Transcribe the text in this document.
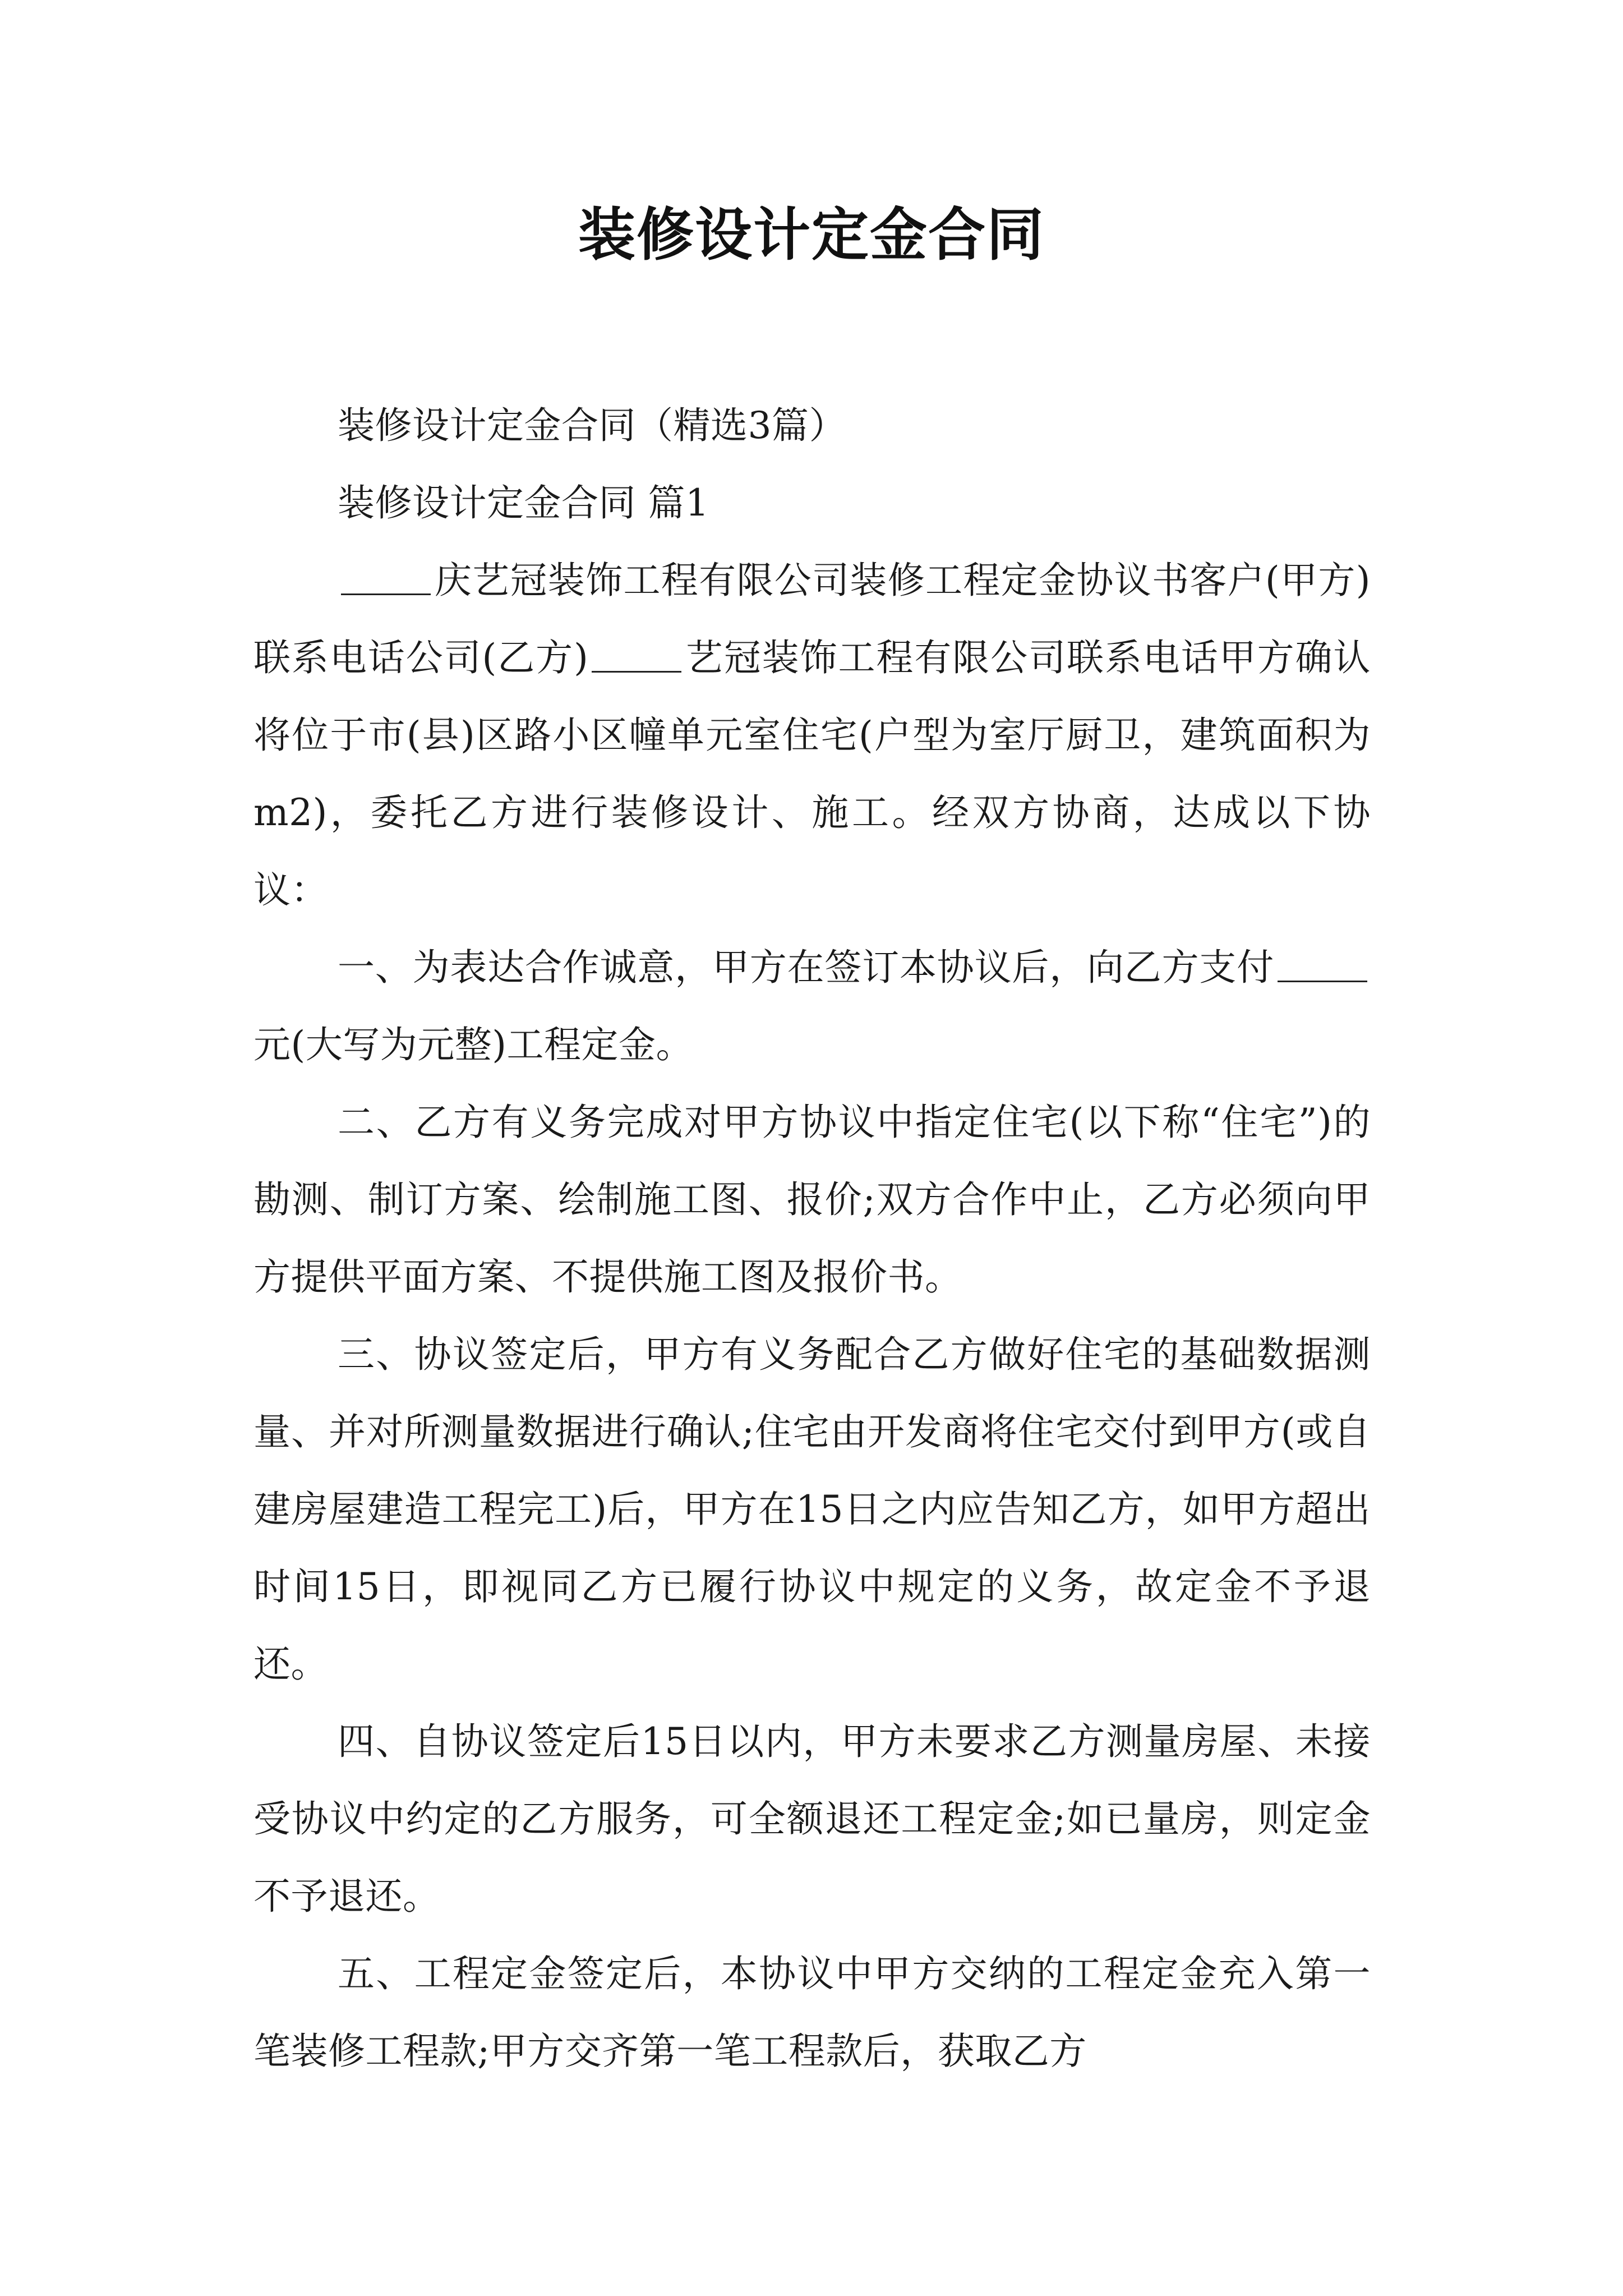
装修设计定金合同

装修设计定金合同（精选3篇）

装修设计定金合同 篇1

庆艺冠装饰工程有限公司装修工程定金协议书客户(甲方)联系电话公司(乙方)	艺冠装饰工程有限公司联系电话甲方确认将位于市(县)区路小区幢单元室住宅(户型为室厅厨卫，建筑面积为m2)，委托乙方进行装修设计、施工。经双方协商，达成以下协议：

一、为表达合作诚意，甲方在签订本协议后，向乙方支付元(大写为元整)工程定金。

二、乙方有义务完成对甲方协议中指定住宅(以下称“住宅”)的勘测、制订方案、绘制施工图、报价;双方合作中止，乙方必须向甲方提供平面方案、不提供施工图及报价书。

三、协议签定后，甲方有义务配合乙方做好住宅的基础数据测量、并对所测量数据进行确认;住宅由开发商将住宅交付到甲方(或自建房屋建造工程完工)后，甲方在15日之内应告知乙方，如甲方超出时间15日，即视同乙方已履行协议中规定的义务，故定金不予退还。

四、自协议签定后15日以内，甲方未要求乙方测量房屋、未接受协议中约定的乙方服务，可全额退还工程定金;如已量房，则定金不予退还。

五、工程定金签定后，本协议中甲方交纳的工程定金充入第一笔装修工程款;甲方交齐第一笔工程款后，获取乙方
